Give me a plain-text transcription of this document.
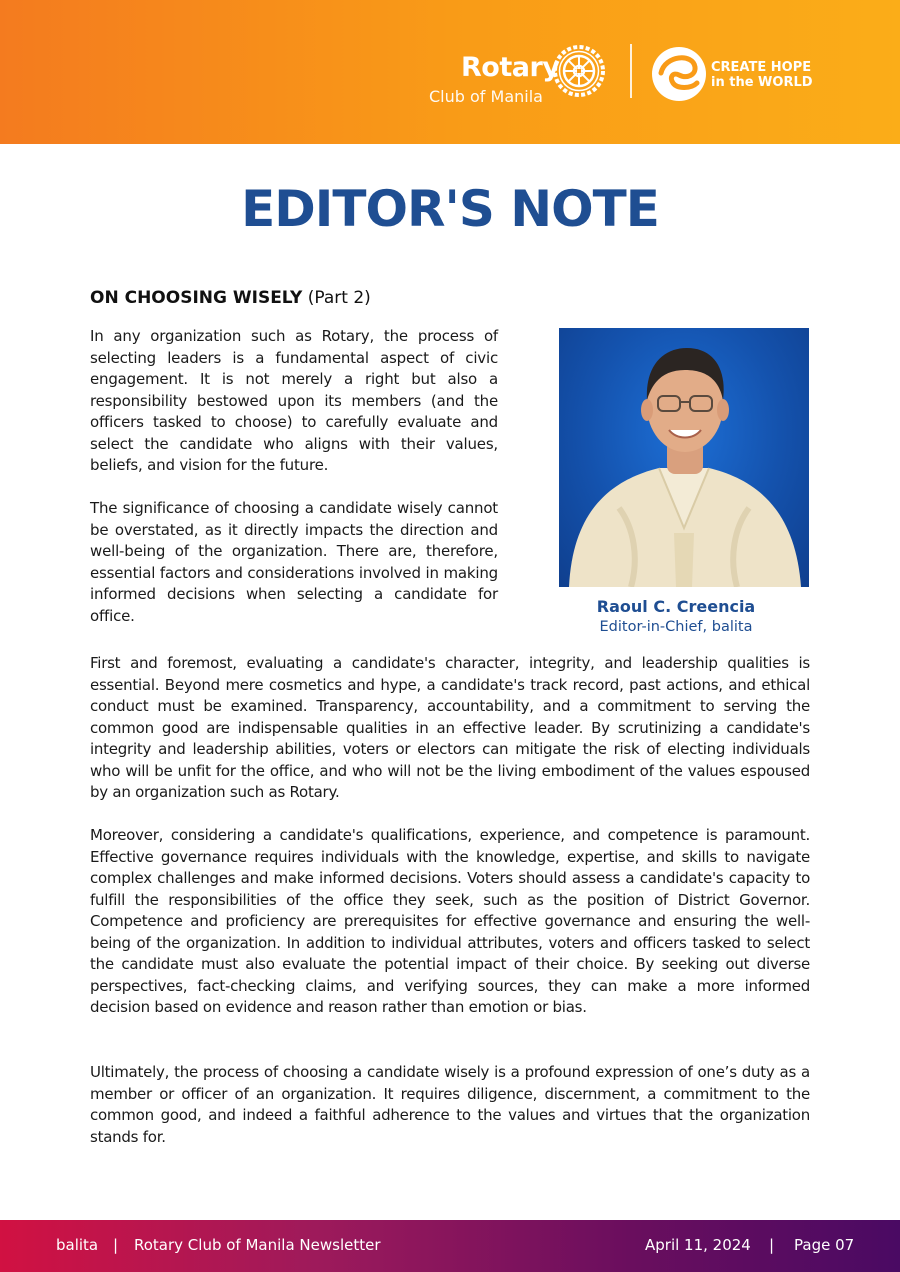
Rotary
Club of Manila
CREATE HOPE
in the WORLD
EDITOR'S NOTE
ON CHOOSING WISELY (Part 2)

In any organization such as Rotary, the process of selecting leaders is a fundamental aspect of civic engagement. It is not merely a right but also a responsibility bestowed upon its members (and the officers tasked to choose) to carefully evaluate and select the candidate who aligns with their values, beliefs, and vision for the future.

The significance of choosing a candidate wisely cannot be overstated, as it directly impacts the direction and well-being of the organization. There are, therefore, essential factors and considerations involved in making informed decisions when selecting a candidate for office.

First and foremost, evaluating a candidate's character, integrity, and leadership qualities is essential. Beyond mere cosmetics and hype, a candidate's track record, past actions, and ethical conduct must be examined. Transparency, accountability, and a commitment to serving the common good are indispensable qualities in an effective leader. By scrutinizing a candidate's integrity and leadership abilities, voters or electors can mitigate the risk of electing individuals who will be unfit for the office, and who will not be the living embodiment of the values espoused by an organization such as Rotary.

Moreover, considering a candidate's qualifications, experience, and competence is paramount. Effective governance requires individuals with the knowledge, expertise, and skills to navigate complex challenges and make informed decisions. Voters should assess a candidate's capacity to fulfill the responsibilities of the office they seek, such as the position of District Governor. Competence and proficiency are prerequisites for effective governance and ensuring the well-being of the organization. In addition to individual attributes, voters and officers tasked to select the candidate must also evaluate the potential impact of their choice. By seeking out diverse perspectives, fact-checking claims, and verifying sources, they can make a more informed decision based on evidence and reason rather than emotion or bias.

Ultimately, the process of choosing a candidate wisely is a profound expression of one’s duty as a member or officer of an organization. It requires diligence, discernment, a commitment to the common good, and indeed a faithful adherence to the values and virtues that the organization stands for.

Raoul C. Creencia
Editor-in-Chief, balita
balita | Rotary Club of Manila Newsletter	April 11, 2024 | Page 07
